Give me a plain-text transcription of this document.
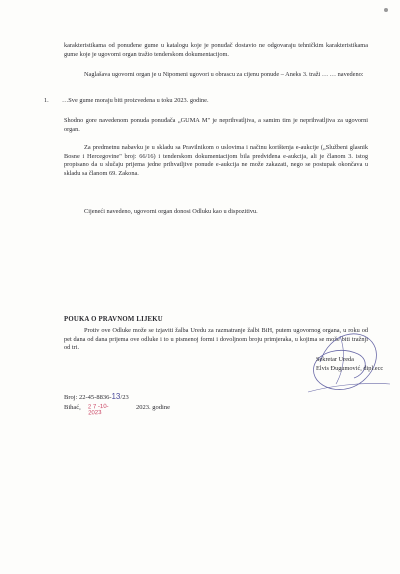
karakteristikama od ponuđene gume u katalogu koje je ponuđač dostavio ne odgovaraju tehničkim karakteristikama gume koje je ugovorni organ tražio tenderskom dokumentacijom.

Naglašava ugovorni organ je u Nipomeni ugovori u obrascu za cijenu ponude – Aneks 3. traži … … navedeno:

1. …Sve gume moraju biti proizvedena u toku 2023. godine.

Shodno gore navedenom ponuda ponuđača „GUMA M" je neprihvatljiva, a samim tim je neprihvatljiva za ugovorni organ.

Za predmetnu nabavku je u skladu sa Pravilnikom o uslovima i načinu korištenja e-aukcije („Službeni glasnik Bosne i Hercegovine" broj: 66/16) i tenderskom dokumentacijom bila predviđena e-aukcija, ali je članom 3. istog propisano da u slučaju prijema jedne prihvatljive ponude e-aukcija ne može zakazati, nego se postupak okončava u skladu sa članom 69. Zakona.

Cijeneći navedeno, ugovorni organ donosi Odluku kao u dispozitivu.

POUKA O PRAVNOM LIJEKU

Protiv ove Odluke može se izjaviti žalba Uredu za razmatranje žalbi BiH, putem ugovornog organa, u roku od pet dana od dana prijema ove odluke i to u pismenoj formi i dovoljnom broju primjeraka, u kojima se može biti tražnji od tri.

Broj: 22-45-8836-13/23
Bihać,	2023. godine
2 7 -10- 2023
Sekretar Ureda
Elvis Đugumović, dipl.ecc
